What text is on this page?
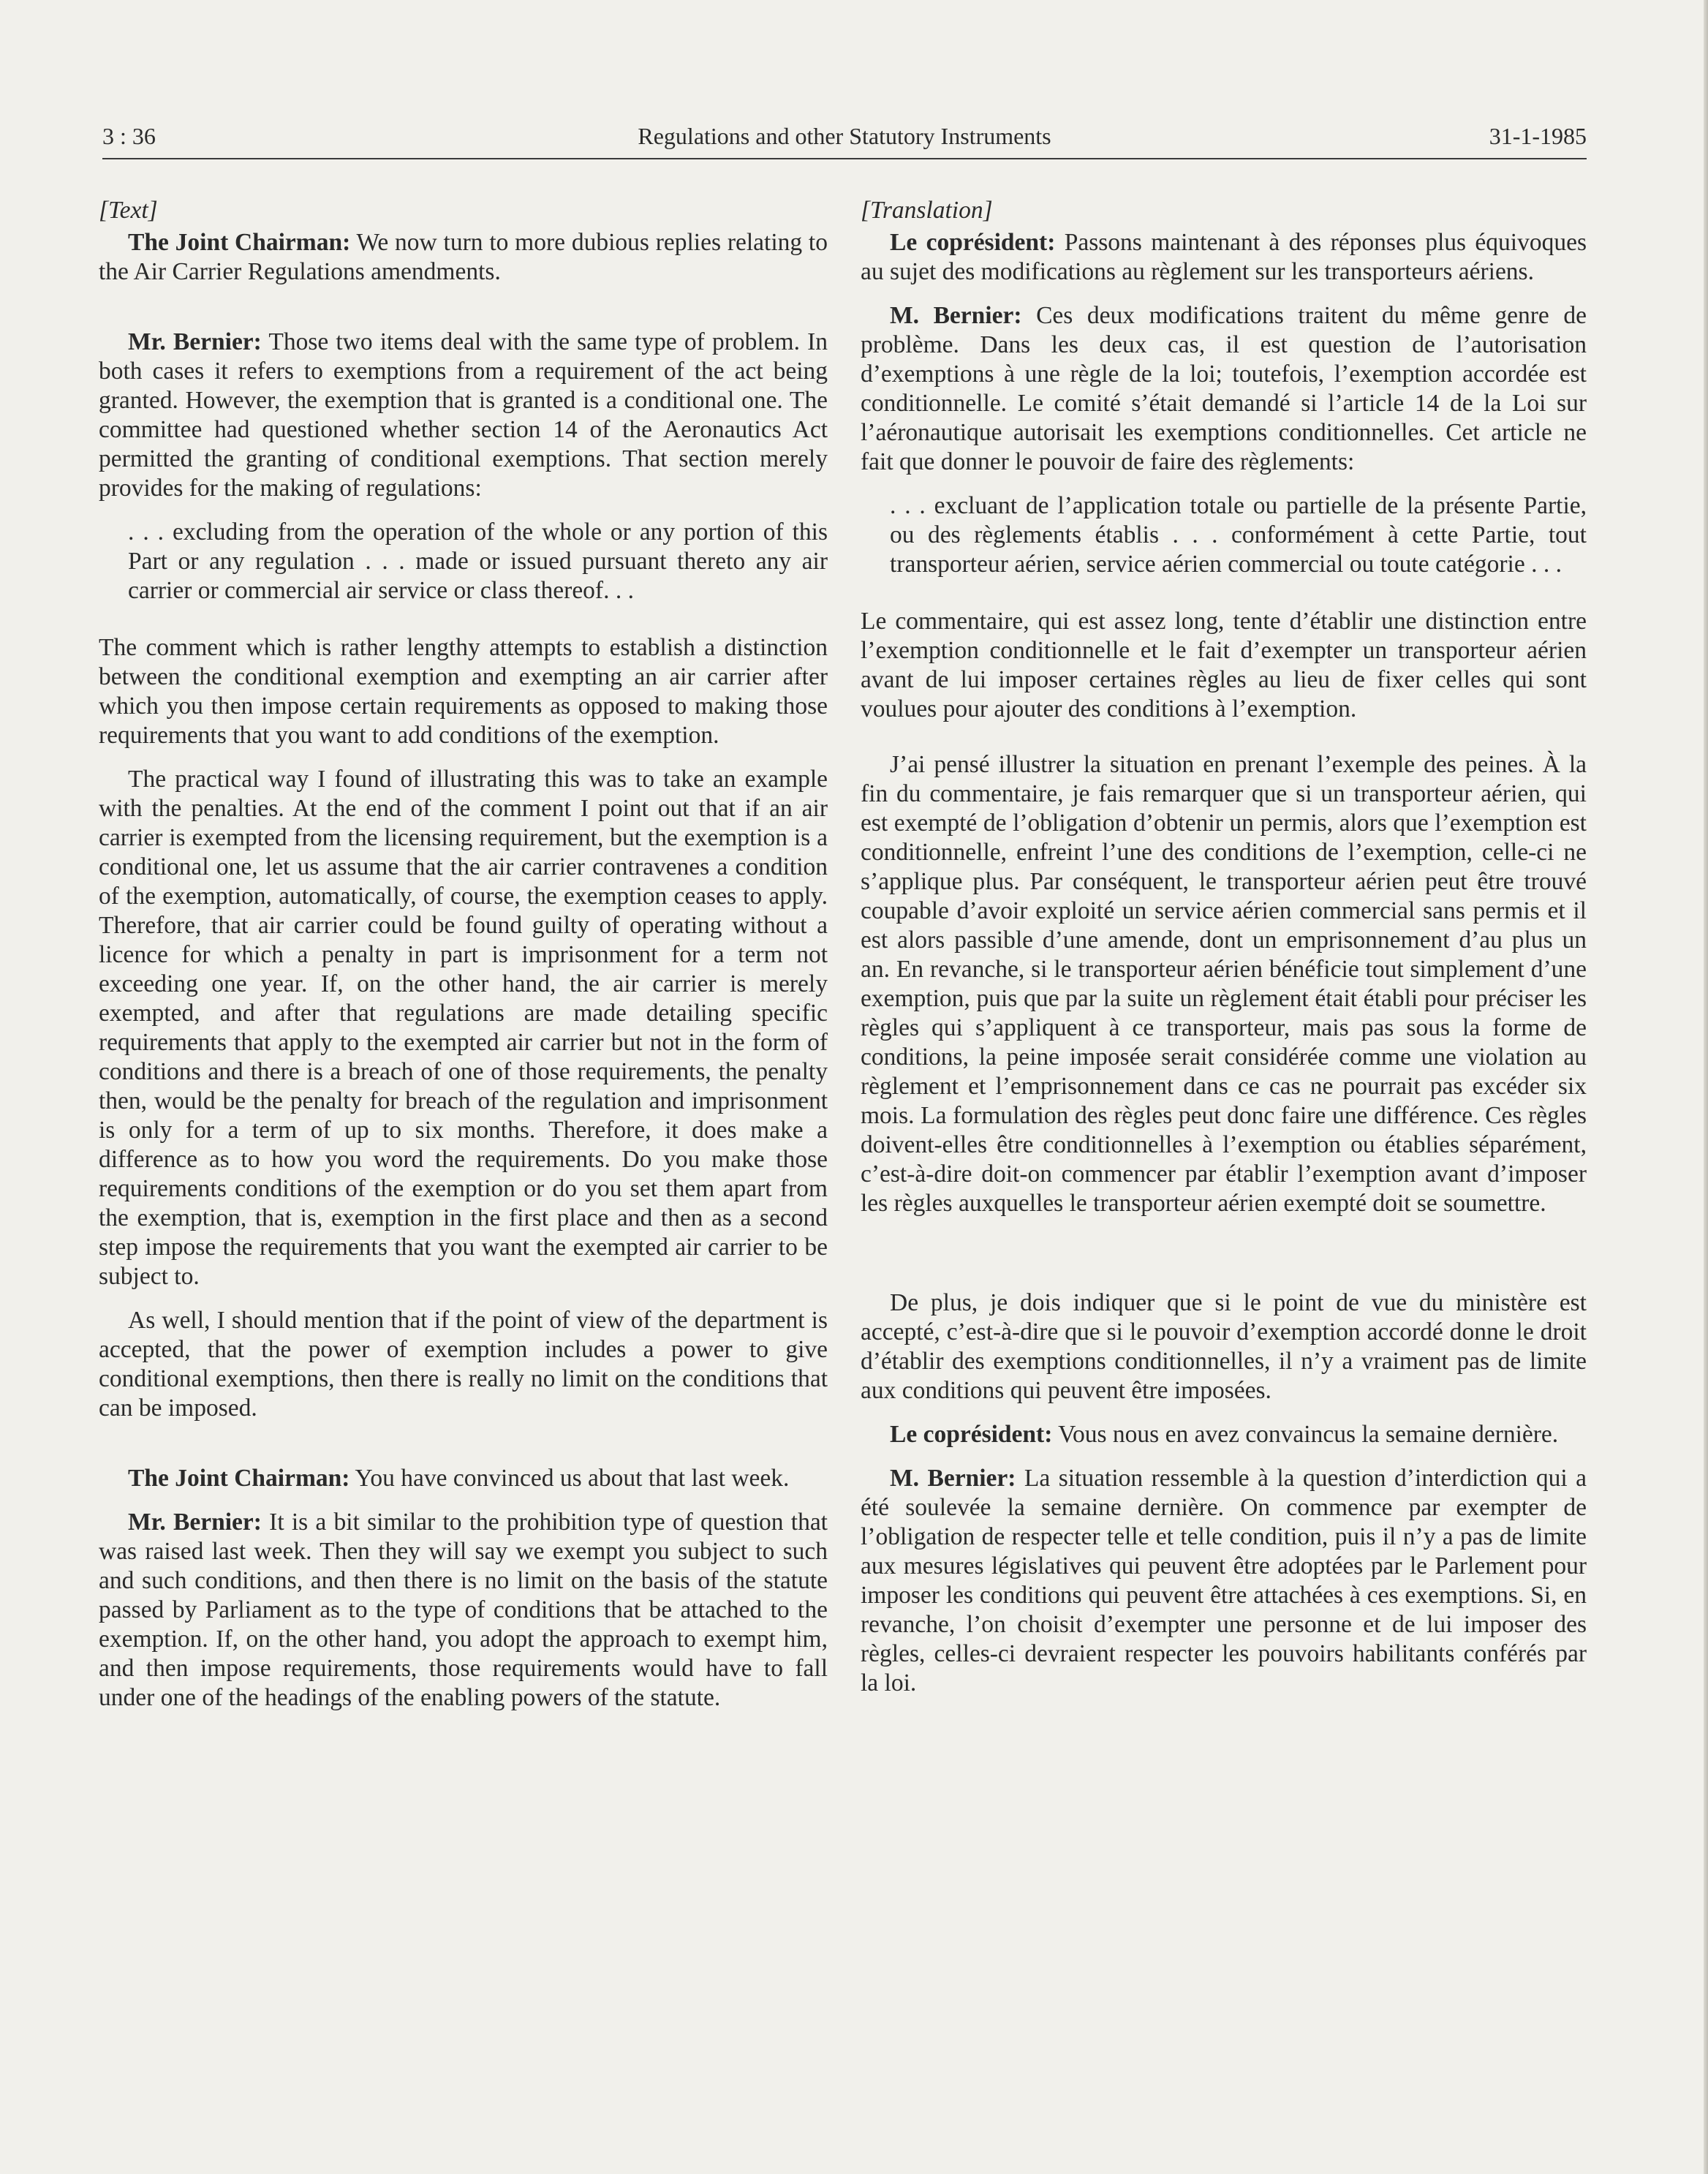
3 : 36	Regulations and other Statutory Instruments	31-1-1985

[Text]

The Joint Chairman: We now turn to more dubious replies relating to the Air Carrier Regulations amendments.

Mr. Bernier: Those two items deal with the same type of problem. In both cases it refers to exemptions from a requirement of the act being granted. However, the exemption that is granted is a conditional one. The committee had questioned whether section 14 of the Aeronautics Act permitted the granting of conditional exemptions. That section merely provides for the making of regulations:

. . . excluding from the operation of the whole or any portion of this Part or any regulation . . . made or issued pursuant thereto any air carrier or commercial air service or class thereof. . .

The comment which is rather lengthy attempts to establish a distinction between the conditional exemption and exempting an air carrier after which you then impose certain requirements as opposed to making those requirements that you want to add conditions of the exemption.

The practical way I found of illustrating this was to take an example with the penalties. At the end of the comment I point out that if an air carrier is exempted from the licensing requirement, but the exemption is a conditional one, let us assume that the air carrier contravenes a condition of the exemption, automatically, of course, the exemption ceases to apply. Therefore, that air carrier could be found guilty of operating without a licence for which a penalty in part is imprisonment for a term not exceeding one year. If, on the other hand, the air carrier is merely exempted, and after that regulations are made detailing specific requirements that apply to the exempted air carrier but not in the form of conditions and there is a breach of one of those requirements, the penalty then, would be the penalty for breach of the regulation and imprisonment is only for a term of up to six months. Therefore, it does make a difference as to how you word the requirements. Do you make those requirements conditions of the exemption or do you set them apart from the exemption, that is, exemption in the first place and then as a second step impose the requirements that you want the exempted air carrier to be subject to.

As well, I should mention that if the point of view of the department is accepted, that the power of exemption includes a power to give conditional exemptions, then there is really no limit on the conditions that can be imposed.

The Joint Chairman: You have convinced us about that last week.

Mr. Bernier: It is a bit similar to the prohibition type of question that was raised last week. Then they will say we exempt you subject to such and such conditions, and then there is no limit on the basis of the statute passed by Parliament as to the type of conditions that be attached to the exemption. If, on the other hand, you adopt the approach to exempt him, and then impose requirements, those requirements would have to fall under one of the headings of the enabling powers of the statute.

[Translation]

Le coprésident: Passons maintenant à des réponses plus équivoques au sujet des modifications au règlement sur les transporteurs aériens.

M. Bernier: Ces deux modifications traitent du même genre de problème. Dans les deux cas, il est question de l’autorisation d’exemptions à une règle de la loi; toutefois, l’exemption accordée est conditionnelle. Le comité s’était demandé si l’article 14 de la Loi sur l’aéronautique autorisait les exemptions conditionnelles. Cet article ne fait que donner le pouvoir de faire des règlements:

. . . excluant de l’application totale ou partielle de la présente Partie, ou des règlements établis . . . conformément à cette Partie, tout transporteur aérien, service aérien commercial ou toute catégorie . . .

Le commentaire, qui est assez long, tente d’établir une distinction entre l’exemption conditionnelle et le fait d’exempter un transporteur aérien avant de lui imposer certaines règles au lieu de fixer celles qui sont voulues pour ajouter des conditions à l’exemption.

J’ai pensé illustrer la situation en prenant l’exemple des peines. À la fin du commentaire, je fais remarquer que si un transporteur aérien, qui est exempté de l’obligation d’obtenir un permis, alors que l’exemption est conditionnelle, enfreint l’une des conditions de l’exemption, celle-ci ne s’applique plus. Par conséquent, le transporteur aérien peut être trouvé coupable d’avoir exploité un service aérien commercial sans permis et il est alors passible d’une amende, dont un emprisonnement d’au plus un an. En revanche, si le transporteur aérien bénéficie tout simplement d’une exemption, puis que par la suite un règlement était établi pour préciser les règles qui s’appliquent à ce transporteur, mais pas sous la forme de conditions, la peine imposée serait considérée comme une violation au règlement et l’emprisonnement dans ce cas ne pourrait pas excéder six mois. La formulation des règles peut donc faire une différence. Ces règles doivent-elles être conditionnelles à l’exemption ou établies séparément, c’est-à-dire doit-on commencer par établir l’exemption avant d’imposer les règles auxquelles le transporteur aérien exempté doit se soumettre.

De plus, je dois indiquer que si le point de vue du ministère est accepté, c’est-à-dire que si le pouvoir d’exemption accordé donne le droit d’établir des exemptions conditionnelles, il n’y a vraiment pas de limite aux conditions qui peuvent être imposées.

Le coprésident: Vous nous en avez convaincus la semaine dernière.

M. Bernier: La situation ressemble à la question d’interdiction qui a été soulevée la semaine dernière. On commence par exempter de l’obligation de respecter telle et telle condition, puis il n’y a pas de limite aux mesures législatives qui peuvent être adoptées par le Parlement pour imposer les conditions qui peuvent être attachées à ces exemptions. Si, en revanche, l’on choisit d’exempter une personne et de lui imposer des règles, celles-ci devraient respecter les pouvoirs habilitants conférés par la loi.
